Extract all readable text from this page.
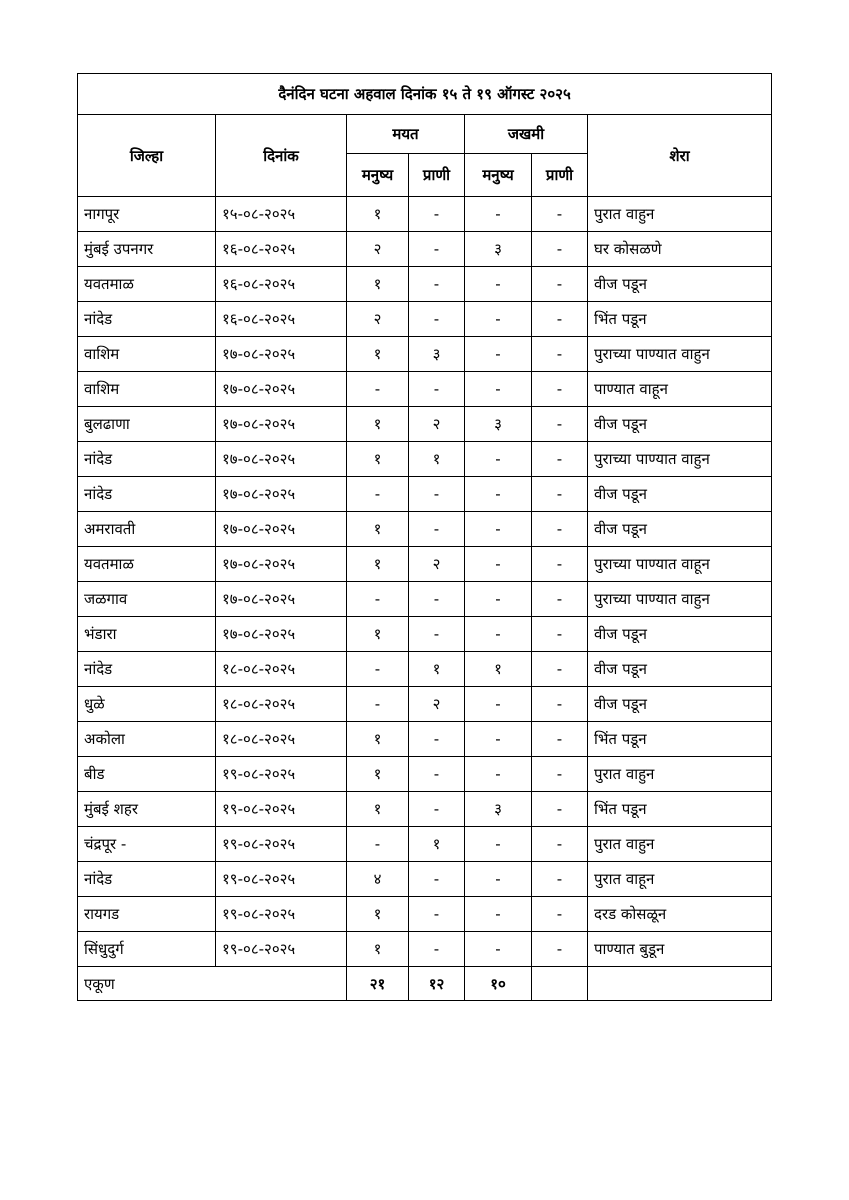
दैनंदिन घटना अहवाल दिनांक १५ ते १९ ऑगस्ट २०२५						
जिल्हा	दिनांक	मयत		जखमी		शेरा
		मनुष्य	प्राणी	मनुष्य	प्राणी	
नागपूर	१५-०८-२०२५	१	-	-	-	पुरात वाहुन
मुंबई उपनगर	१६-०८-२०२५	२	-	३	-	घर कोसळणे
यवतमाळ	१६-०८-२०२५	१	-	-	-	वीज पडून
नांदेड	१६-०८-२०२५	२	-	-	-	भिंत पडून
वाशिम	१७-०८-२०२५	१	३	-	-	पुराच्या पाण्यात वाहुन
वाशिम	१७-०८-२०२५	-	-	-	-	पाण्यात वाहून
बुलढाणा	१७-०८-२०२५	१	२	३	-	वीज पडून
नांदेड	१७-०८-२०२५	१	१	-	-	पुराच्या पाण्यात वाहुन
नांदेड	१७-०८-२०२५	-	-	-	-	वीज पडून
अमरावती	१७-०८-२०२५	१	-	-	-	वीज पडून
यवतमाळ	१७-०८-२०२५	१	२	-	-	पुराच्या पाण्यात वाहून
जळगाव	१७-०८-२०२५	-	-	-	-	पुराच्या पाण्यात वाहुन
भंडारा	१७-०८-२०२५	१	-	-	-	वीज पडून
नांदेड	१८-०८-२०२५	-	१	१	-	वीज पडून
धुळे	१८-०८-२०२५	-	२	-	-	वीज पडून
अकोला	१८-०८-२०२५	१	-	-	-	भिंत पडून
बीड	१९-०८-२०२५	१	-	-	-	पुरात वाहुन
मुंबई शहर	१९-०८-२०२५	१	-	३	-	भिंत पडून
चंद्रपूर -	१९-०८-२०२५	-	१	-	-	पुरात वाहुन
नांदेड	१९-०८-२०२५	४	-	-	-	पुरात वाहून
रायगड	१९-०८-२०२५	१	-	-	-	दरड कोसळून
सिंधुदुर्ग	१९-०८-२०२५	१	-	-	-	पाण्यात बुडून
एकूण		२१	१२	१०		
